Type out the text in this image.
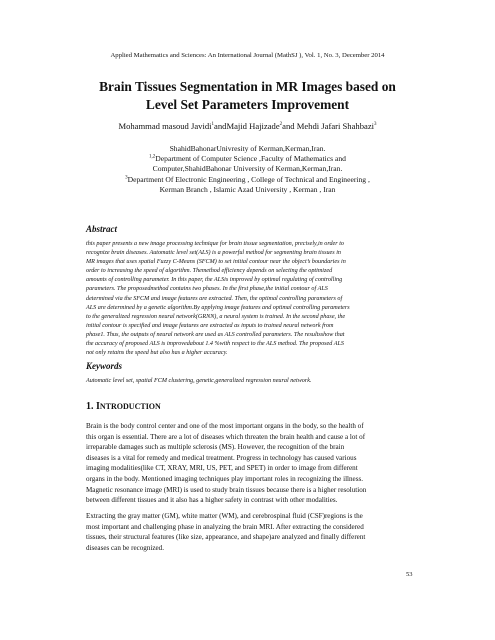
Applied Mathematics and Sciences: An International Journal (MathSJ ), Vol. 1, No. 3, December 2014
Brain Tissues Segmentation in MR Images based on
Level Set Parameters Improvement
Mohammad masoud Javidi$^1$andMajid Hajizade$^2$and Mehdi Jafari Shahbazi$^3$
ShahidBahonarUnivresity of Kerman,Kerman,Iran.
$^{1,2}$Department of Computer Science ,Faculty of Mathematics and
Computer,ShahidBahonar University of Kerman,Kerman,Iran.
$^3$Department Of Electronic Engineering , College of Technical and Engineering ,
Kerman Branch , Islamic Azad University , Kerman , Iran
Abstract
this paper presents a new image processing technique for brain tissue segmentation, precisely,in order to
recognize brain diseases. Automatic level set(ALS) is a powerful method for segmenting brain tissues in
MR images that uses spatial Fuzzy C-Means (SFCM) to set initial contour near the object’s boundaries in
order to increasing the speed of algorithm. Themethod efficiency depends on selecting the optimized
amounts of controlling parameter. In this paper, the ALSis improved by optimal regulating of controlling
parameters. The proposedmethod contains two phases. In the first phase,the initial contour of ALS
determined via the SFCM and image features are extracted. Then, the optimal controlling parameters of
ALS are determined by a genetic algorithm.By applying image features and optimal controlling parameters
to the generalized regression neural network(GRNN), a neural system is trained. In the second phase, the
initial contour is specified and image features are extracted as inputs to trained neural network from
phase1. Thus, the outputs of neural network are used as ALS controlled parameters. The resultsshow that
the accuracy of proposed ALS is improvedabout 1.4 %with respect to the ALS method. The proposed ALS
not only retains the speed but also has a higher accuracy.
Keywords
Automatic level set, spatial FCM clustering, genetic,generalized regression neural network.
1. INTRODUCTION
Brain is the body control center and one of the most important organs in the body, so the health of
this organ is essential. There are a lot of diseases which threaten the brain health and cause a lot of
irreparable damages such as multiple sclerosis (MS). However, the recognition of the brain
diseases is a vital for remedy and medical treatment. Progress in technology has caused various
imaging modalities(like CT, XRAY, MRI, US, PET, and SPET) in order to image from different
organs in the body. Mentioned imaging techniques play important roles in recognizing the illness.
Magnetic resonance image (MRI) is used to study brain tissues because there is a higher resolution
between different tissues and it also has a higher safety in contrast with other modalities.
Extracting the gray matter (GM), white matter (WM), and cerebrospinal fluid (CSF)regions is the
most important and challenging phase in analyzing the brain MRI. After extracting the considered
tissues, their structural features (like size, appearance, and shape)are analyzed and finally different
diseases can be recognized.
53
